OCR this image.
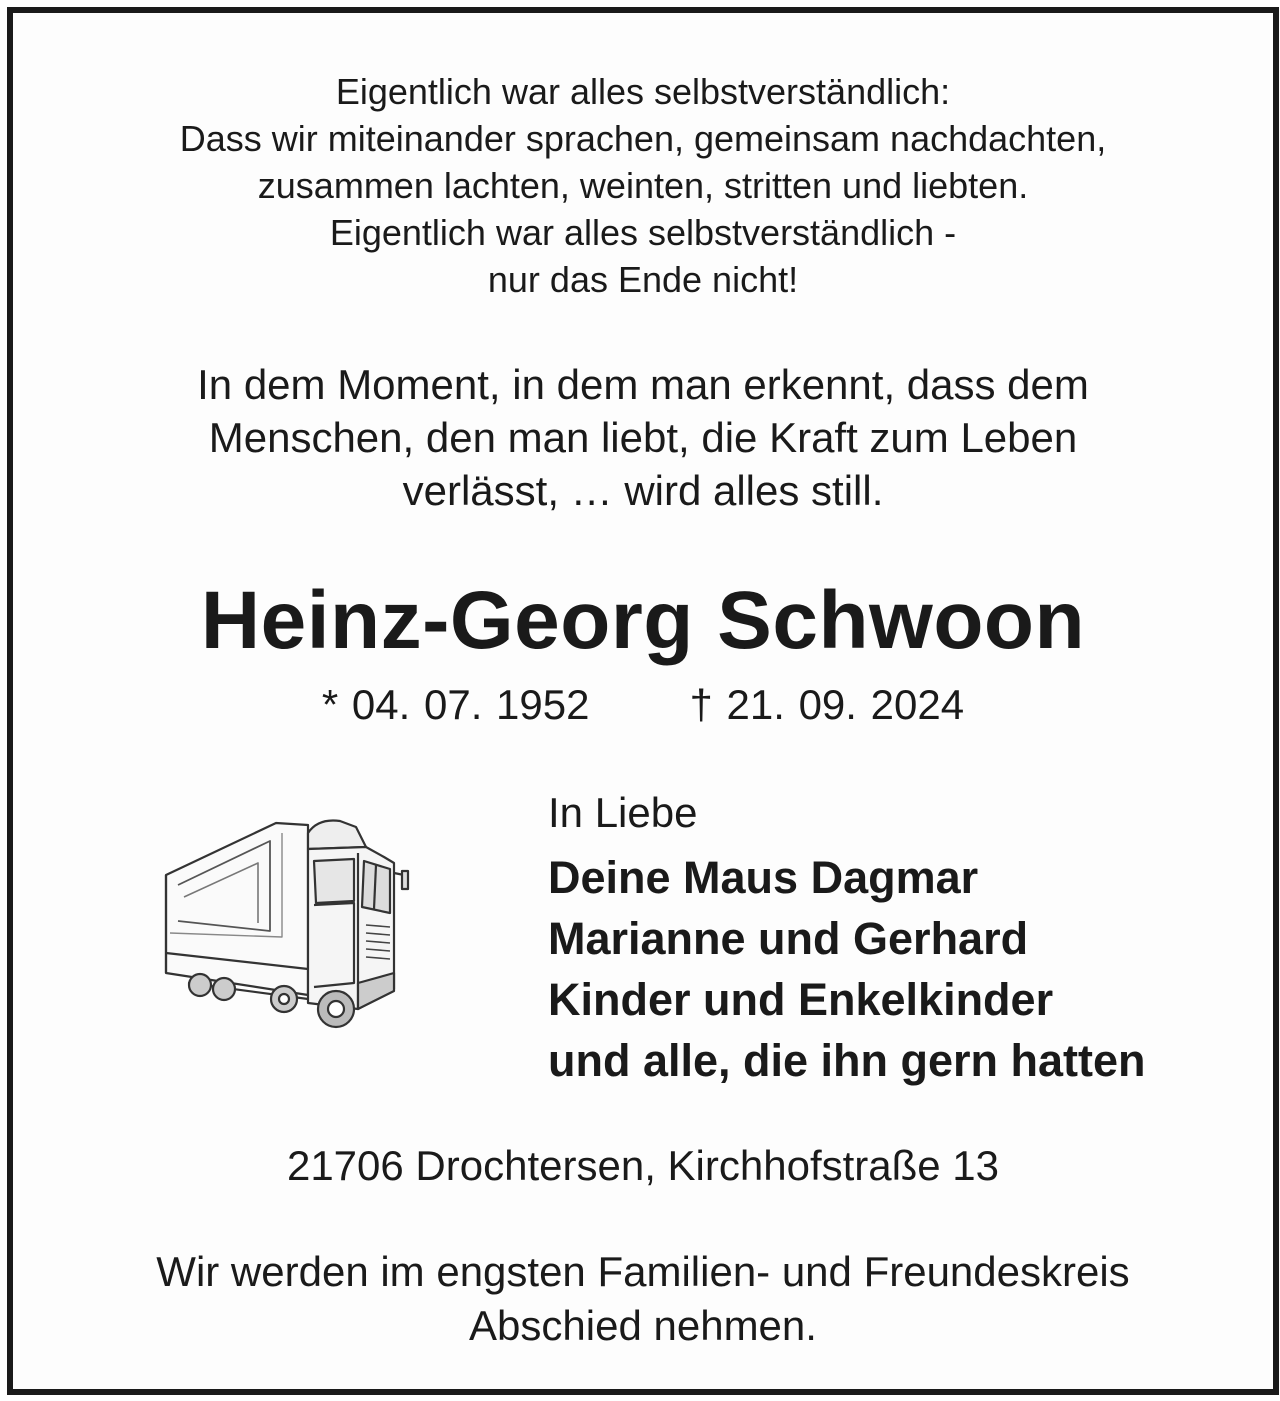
Eigentlich war alles selbstverständlich:
Dass wir miteinander sprachen, gemeinsam nachdachten,
zusammen lachten, weinten, stritten und liebten.
Eigentlich war alles selbstverständlich -
nur das Ende nicht!
In dem Moment, in dem man erkennt, dass dem
Menschen, den man liebt, die Kraft zum Leben
verlässt, … wird alles still.
Heinz-Georg Schwoon
* 04. 07. 1952 † 21. 09. 2024
In Liebe
Deine Maus Dagmar
Marianne und Gerhard
Kinder und Enkelkinder
und alle, die ihn gern hatten
21706 Drochtersen, Kirchhofstraße 13
Wir werden im engsten Familien- und Freundeskreis
Abschied nehmen.
